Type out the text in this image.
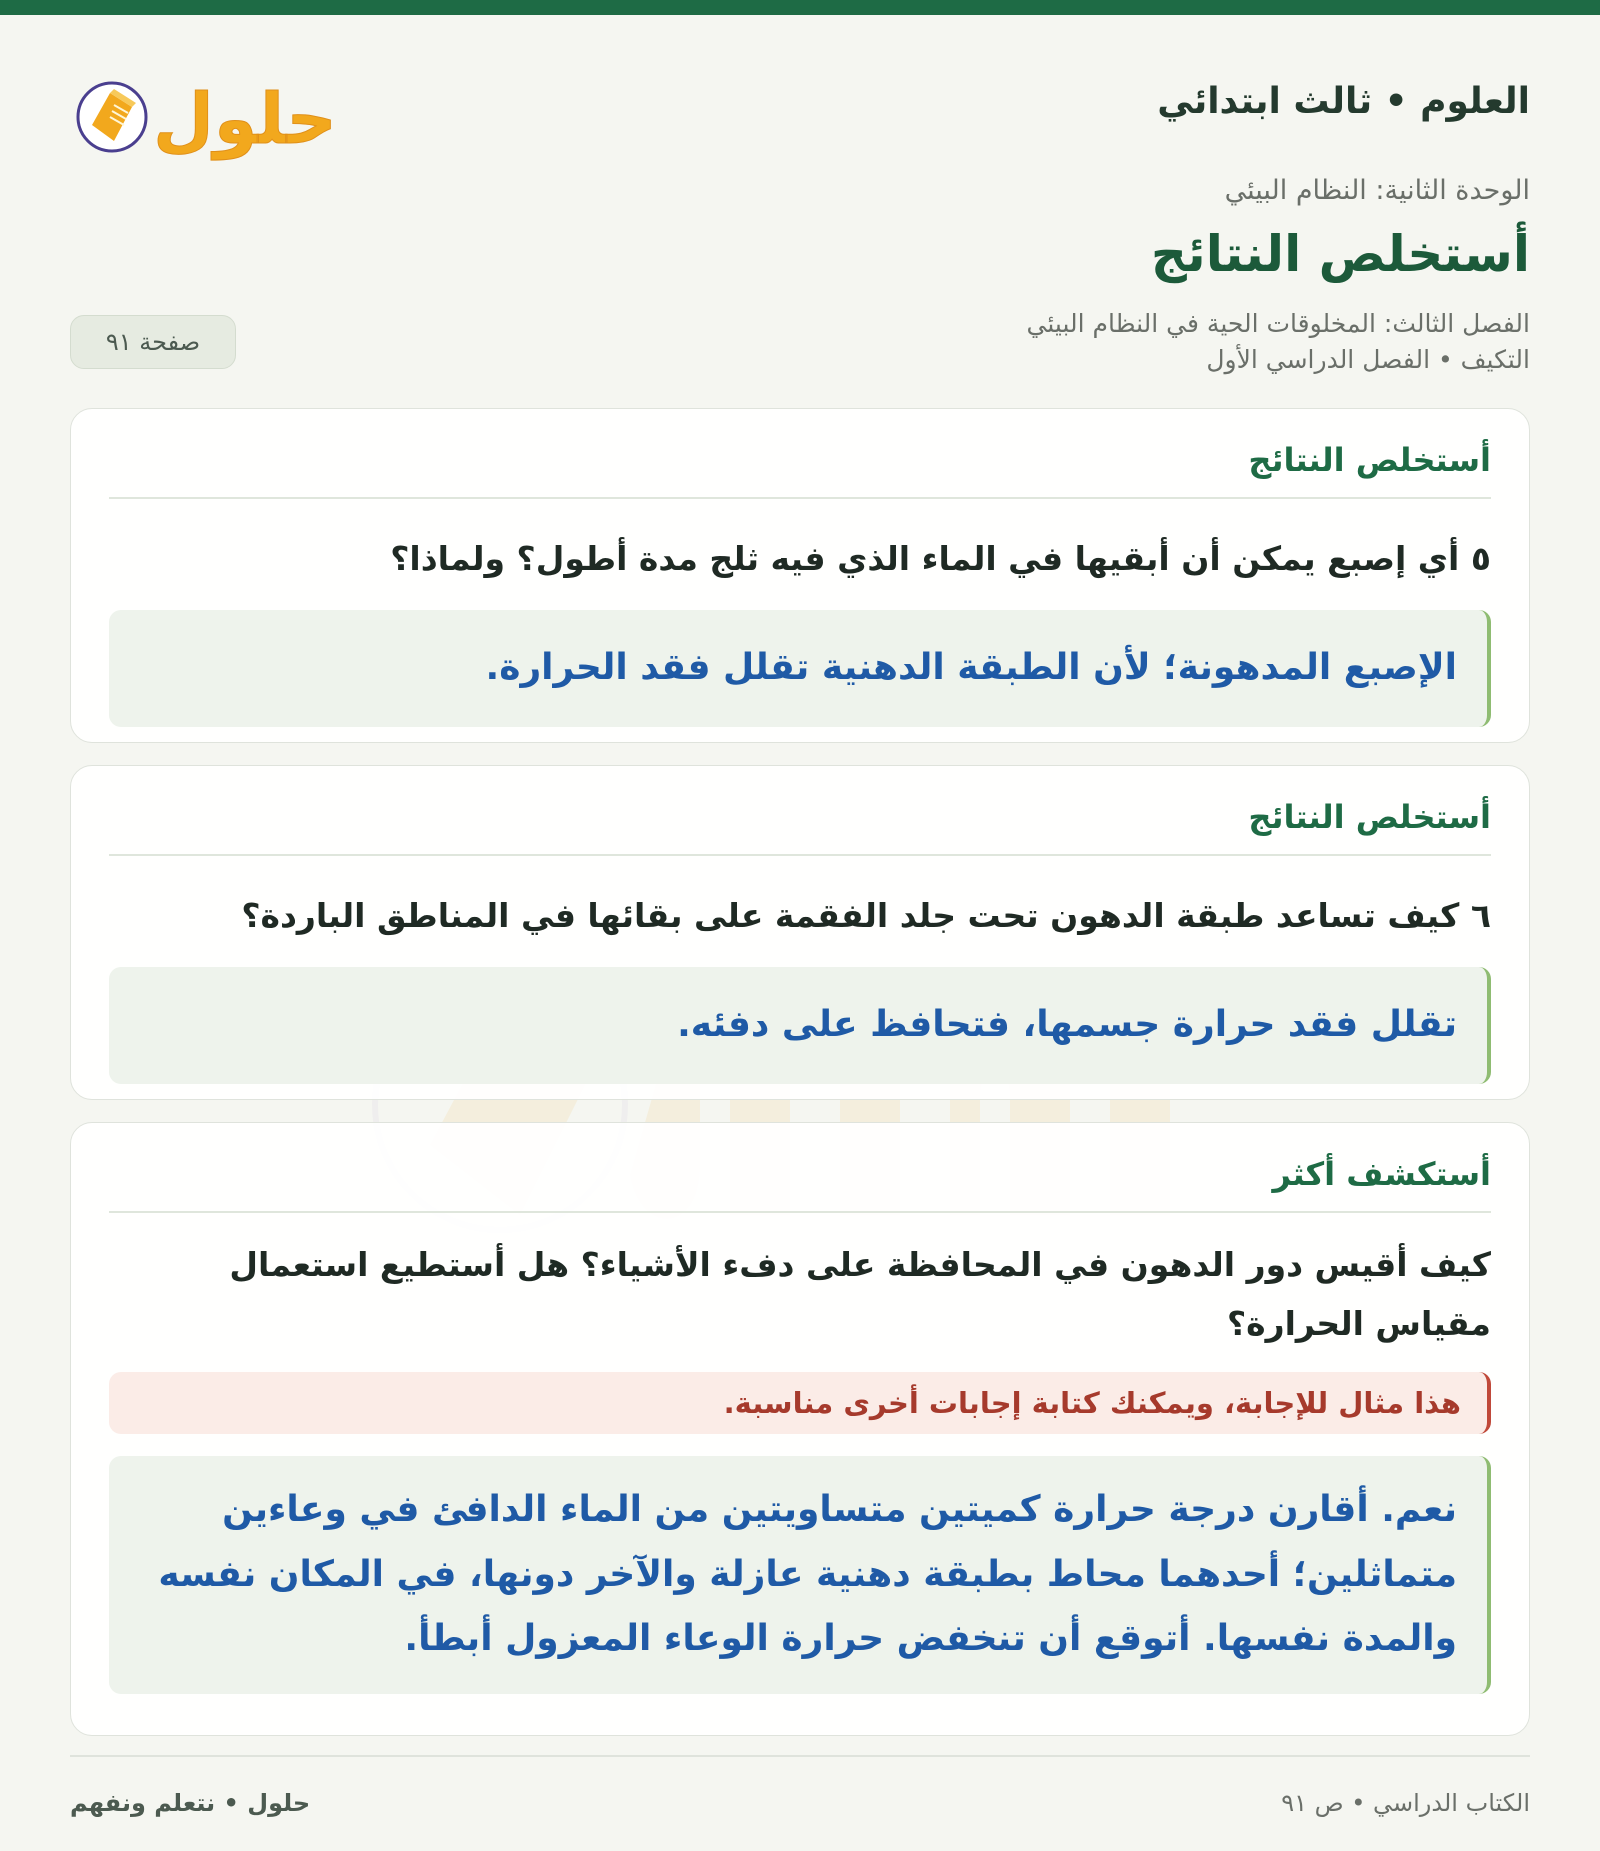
العلوم • ثالث ابتدائي
الوحدة الثانية: النظام البيئي
أستخلص النتائج
الفصل الثالث: المخلوقات الحية في النظام البيئي
التكيف • الفصل الدراسي الأول
صفحة ٩١
حلول
أستخلص النتائج
٥ أي إصبع يمكن أن أبقيها في الماء الذي فيه ثلج مدة أطول؟ ولماذا؟
الإصبع المدهونة؛ لأن الطبقة الدهنية تقلل فقد الحرارة.
أستخلص النتائج
٦ كيف تساعد طبقة الدهون تحت جلد الفقمة على بقائها في المناطق الباردة؟
تقلل فقد حرارة جسمها، فتحافظ على دفئه.
أستكشف أكثر
كيف أقيس دور الدهون في المحافظة على دفء الأشياء؟ هل أستطيع استعمال مقياس الحرارة؟
هذا مثال للإجابة، ويمكنك كتابة إجابات أخرى مناسبة.
نعم. أقارن درجة حرارة كميتين متساويتين من الماء الدافئ في وعاءين متماثلين؛ أحدهما محاط بطبقة دهنية عازلة والآخر دونها، في المكان نفسه والمدة نفسها. أتوقع أن تنخفض حرارة الوعاء المعزول أبطأ.
الكتاب الدراسي • ص ٩١
حلول • نتعلم ونفهم
